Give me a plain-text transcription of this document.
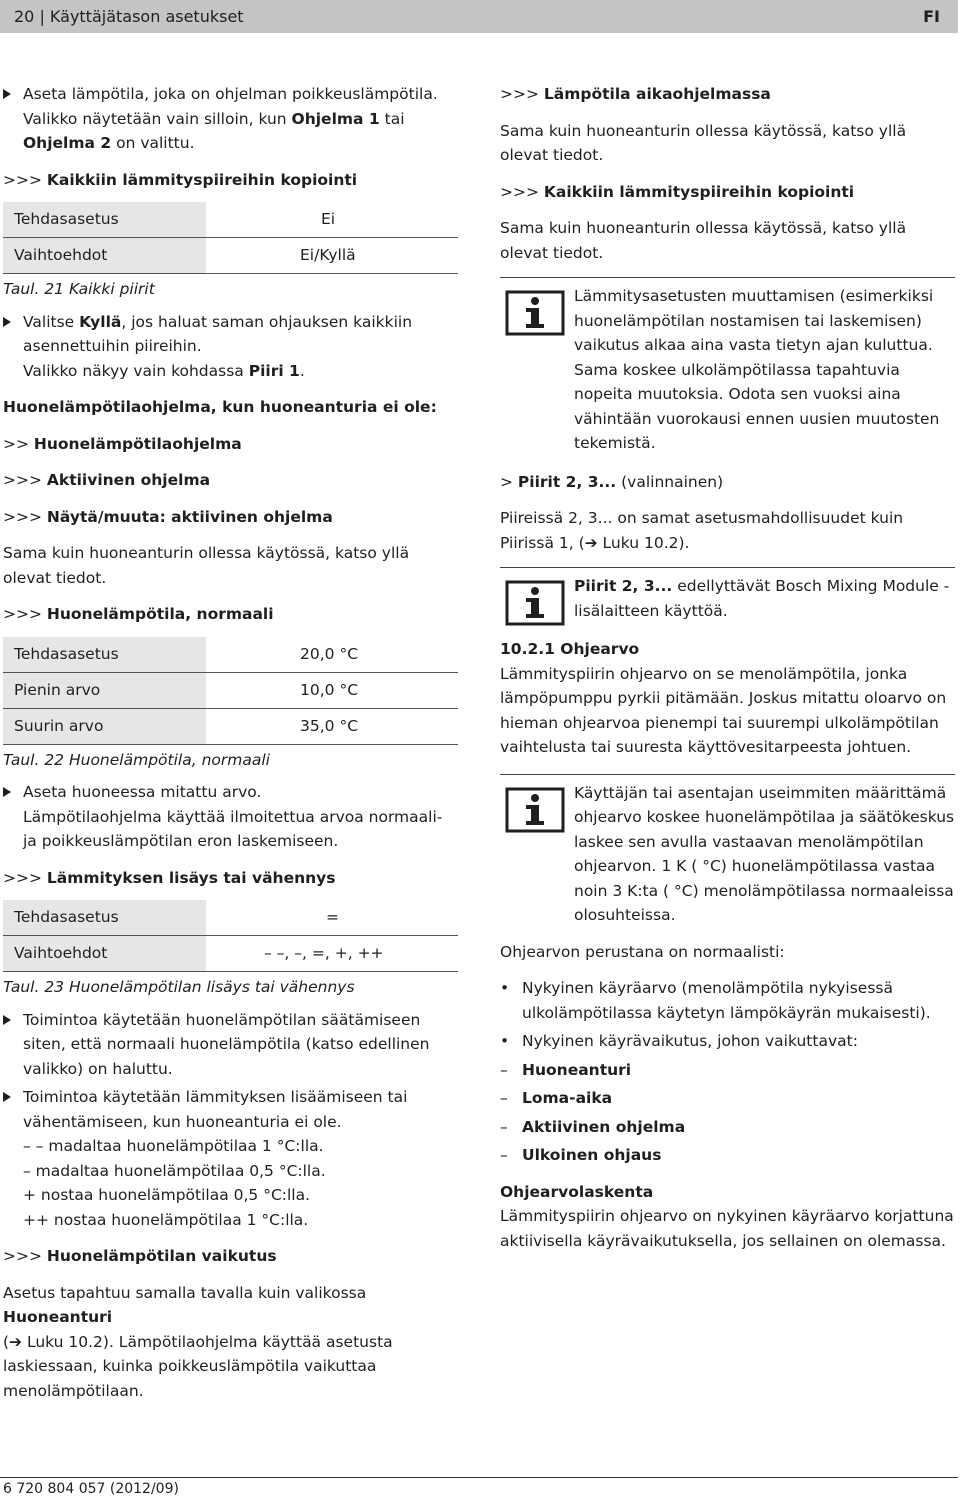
20 | Käyttäjätason asetukset	FI

Aseta lämpötila, joka on ohjelman poikkeuslämpötila.
Valikko näytetään vain silloin, kun Ohjelma 1 tai Ohjelma 2 on valittu.

>>> Kaikkiin lämmityspiireihin kopiointi

Tehdasasetus	Ei
Vaihtoehdot	Ei/Kyllä

Taul. 21 Kaikki piirit

Valitse Kyllä, jos haluat saman ohjauksen kaikkiin asennettuihin piireihin.
Valikko näkyy vain kohdassa Piiri 1.

Huonelämpötilaohjelma, kun huoneanturia ei ole:

>> Huonelämpötilaohjelma

>>> Aktiivinen ohjelma

>>> Näytä/muuta: aktiivinen ohjelma

Sama kuin huoneanturin ollessa käytössä, katso yllä olevat tiedot.

>>> Huonelämpötila, normaali

Tehdasasetus	20,0 °C
Pienin arvo	10,0 °C
Suurin arvo	35,0 °C

Taul. 22 Huonelämpötila, normaali

Aseta huoneessa mitattu arvo.
Lämpötilaohjelma käyttää ilmoitettua arvoa normaali- ja poikkeuslämpötilan eron laskemiseen.

>>> Lämmityksen lisäys tai vähennys

Tehdasasetus	=
Vaihtoehdot	– –, –, =, +, ++

Taul. 23 Huonelämpötilan lisäys tai vähennys

Toimintoa käytetään huonelämpötilan säätämiseen siten, että normaali huonelämpötila (katso edellinen valikko) on haluttu.

Toimintoa käytetään lämmityksen lisäämiseen tai vähentämiseen, kun huoneanturia ei ole.

– – madaltaa huonelämpötilaa 1 °C:lla.

– madaltaa huonelämpötilaa 0,5 °C:lla.

+ nostaa huonelämpötilaa 0,5 °C:lla.

++ nostaa huonelämpötilaa 1 °C:lla.

>>> Huonelämpötilan vaikutus

Asetus tapahtuu samalla tavalla kuin valikossa
Huoneanturi
(➔ Luku 10.2). Lämpötilaohjelma käyttää asetusta laskiessaan, kuinka poikkeuslämpötila vaikuttaa menolämpötilaan.

>>> Lämpötila aikaohjelmassa

Sama kuin huoneanturin ollessa käytössä, katso yllä olevat tiedot.

>>> Kaikkiin lämmityspiireihin kopiointi

Sama kuin huoneanturin ollessa käytössä, katso yllä olevat tiedot.

Lämmitysasetusten muuttamisen (esimerkiksi huonelämpötilan nostamisen tai laskemisen) vaikutus alkaa aina vasta tietyn ajan kuluttua. Sama koskee ulkolämpötilassa tapahtuvia nopeita muutoksia. Odota sen vuoksi aina vähintään vuorokausi ennen uusien muutosten tekemistä.

> Piirit 2, 3... (valinnainen)

Piireissä 2, 3... on samat asetusmahdollisuudet kuin Piirissä 1, (➔ Luku 10.2).

Piirit 2, 3... edellyttävät Bosch Mixing Module -lisälaitteen käyttöä.

10.2.1 Ohjearvo

Lämmityspiirin ohjearvo on se menolämpötila, jonka lämpöpumppu pyrkii pitämään. Joskus mitattu oloarvo on hieman ohjearvoa pienempi tai suurempi ulkolämpötilan vaihtelusta tai suuresta käyttövesitarpeesta johtuen.

Käyttäjän tai asentajan useimmiten määrittämä ohjearvo koskee huonelämpötilaa ja säätökeskus laskee sen avulla vastaavan menolämpötilan ohjearvon. 1 K ( °C) huonelämpötilassa vastaa noin 3 K:ta ( °C) menolämpötilassa normaaleissa olosuhteissa.

Ohjearvon perustana on normaalisti:

• Nykyinen käyräarvo (menolämpötila nykyisessä ulkolämpötilassa käytetyn lämpökäyrän mukaisesti).

• Nykyinen käyrävaikutus, johon vaikuttavat:

– Huoneanturi
– Loma-aika
– Aktiivinen ohjelma
– Ulkoinen ohjaus

Ohjearvolaskenta

Lämmityspiirin ohjearvo on nykyinen käyräarvo korjattuna aktiivisella käyrävaikutuksella, jos sellainen on olemassa.

6 720 804 057 (2012/09)
